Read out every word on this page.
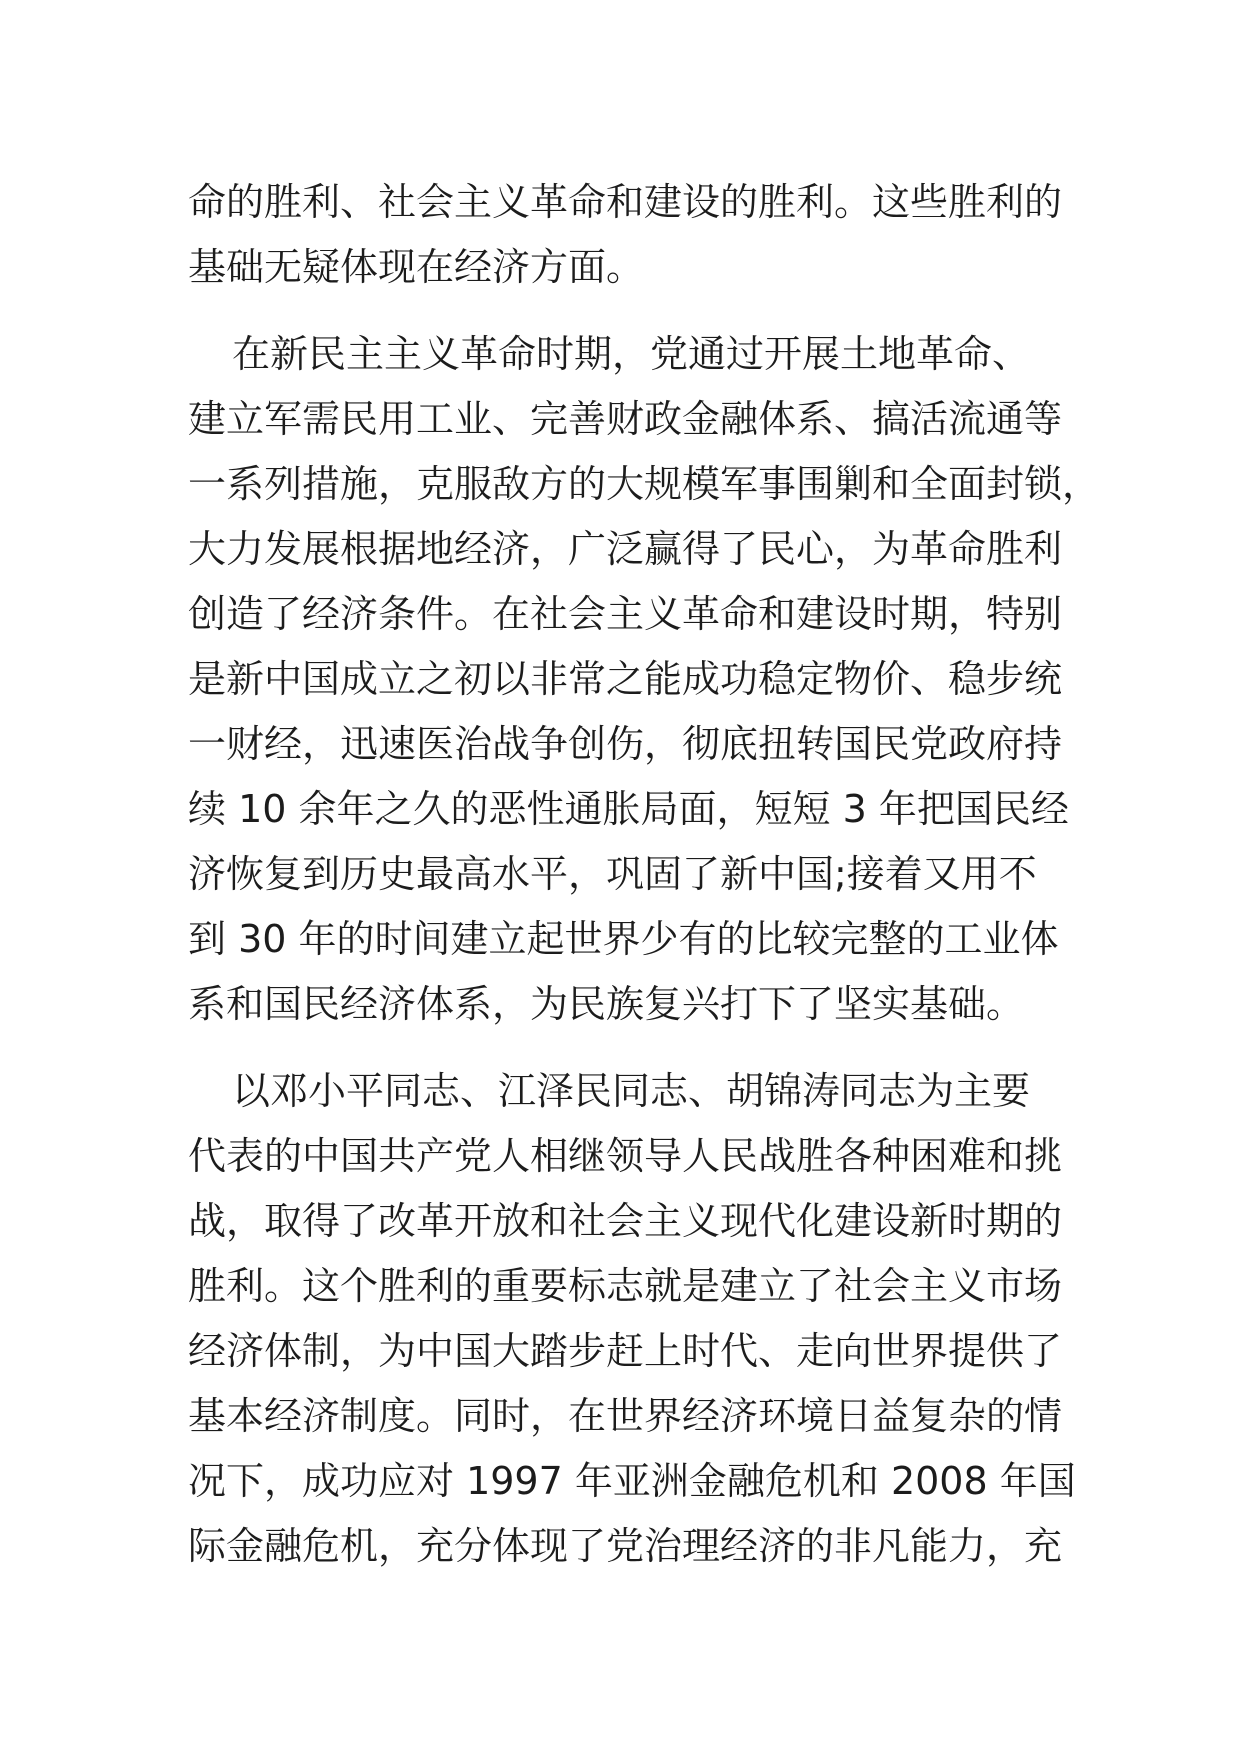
命的胜利、社会主义革命和建设的胜利。这些胜利的
基础无疑体现在经济方面。
在新民主主义革命时期，党通过开展土地革命、
建立军需民用工业、完善财政金融体系、搞活流通等
一系列措施，克服敌方的大规模军事围剿和全面封锁，
大力发展根据地经济，广泛赢得了民心，为革命胜利
创造了经济条件。在社会主义革命和建设时期，特别
是新中国成立之初以非常之能成功稳定物价、稳步统
一财经，迅速医治战争创伤，彻底扭转国民党政府持
续 10 余年之久的恶性通胀局面，短短 3 年把国民经
济恢复到历史最高水平，巩固了新中国;接着又用不
到 30 年的时间建立起世界少有的比较完整的工业体
系和国民经济体系，为民族复兴打下了坚实基础。
以邓小平同志、江泽民同志、胡锦涛同志为主要
代表的中国共产党人相继领导人民战胜各种困难和挑
战，取得了改革开放和社会主义现代化建设新时期的
胜利。这个胜利的重要标志就是建立了社会主义市场
经济体制，为中国大踏步赶上时代、走向世界提供了
基本经济制度。同时，在世界经济环境日益复杂的情
况下，成功应对 1997 年亚洲金融危机和 2008 年国
际金融危机，充分体现了党治理经济的非凡能力，充
